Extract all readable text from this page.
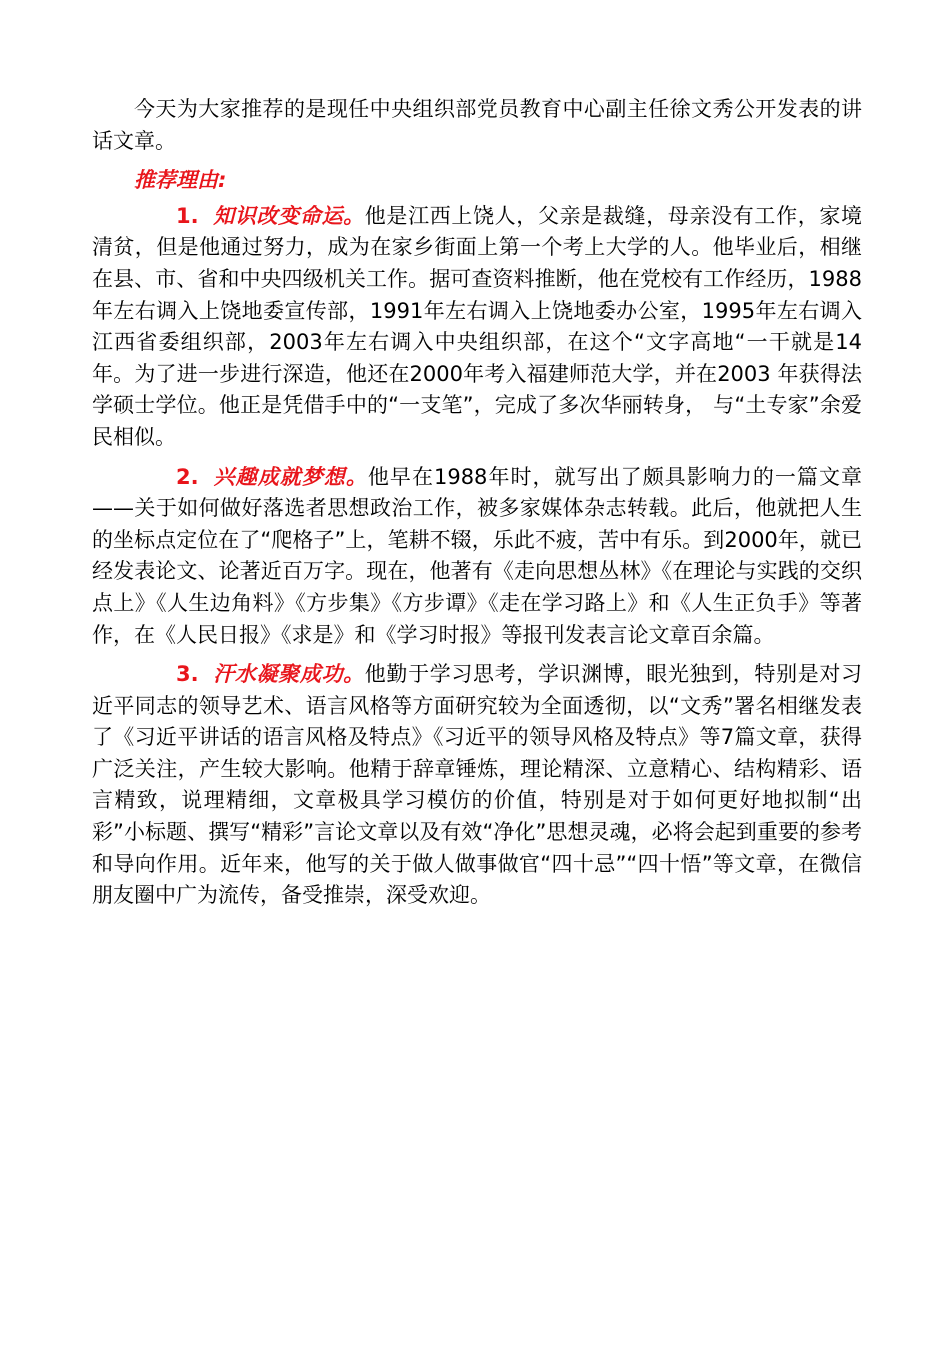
今天为大家推荐的是现任中央组织部党员教育中心副主任徐文秀公开发表的讲话文章。

推荐理由:

1. 知识改变命运。他是江西上饶人，父亲是裁缝，母亲没有工作，家境清贫，但是他通过努力，成为在家乡街面上第一个考上大学的人。他毕业后，相继在县、市、省和中央四级机关工作。据可查资料推断，他在党校有工作经历，1988年左右调入上饶地委宣传部，1991年左右调入上饶地委办公室，1995年左右调入江西省委组织部，2003年左右调入中央组织部，在这个“文字高地“一干就是14年。为了进一步进行深造，他还在2000年考入福建师范大学，并在2003 年获得法学硕士学位。他正是凭借手中的“一支笔”，完成了多次华丽转身， 与“土专家”余爱民相似。

2. 兴趣成就梦想。他早在1988年时，就写出了颇具影响力的一篇文章——关于如何做好落选者思想政治工作，被多家媒体杂志转载。此后，他就把人生的坐标点定位在了“爬格子”上，笔耕不辍，乐此不疲，苦中有乐。到2000年，就已经发表论文、论著近百万字。现在，他著有《走向思想丛林》《在理论与实践的交织点上》《人生边角料》《方步集》《方步谭》《走在学习路上》和《人生正负手》等著作，在《人民日报》《求是》和《学习时报》等报刊发表言论文章百余篇。

3. 汗水凝聚成功。他勤于学习思考，学识渊博，眼光独到，特别是对习近平同志的领导艺术、语言风格等方面研究较为全面透彻，以“文秀”署名相继发表了《习近平讲话的语言风格及特点》《习近平的领导风格及特点》等7篇文章，获得广泛关注，产生较大影响。他精于辞章锤炼，理论精深、立意精心、结构精彩、语言精致，说理精细，文章极具学习模仿的价值，特别是对于如何更好地拟制“出彩”小标题、撰写“精彩”言论文章以及有效“净化”思想灵魂，必将会起到重要的参考和导向作用。近年来，他写的关于做人做事做官“四十忌”“四十悟”等文章，在微信朋友圈中广为流传，备受推崇，深受欢迎。
